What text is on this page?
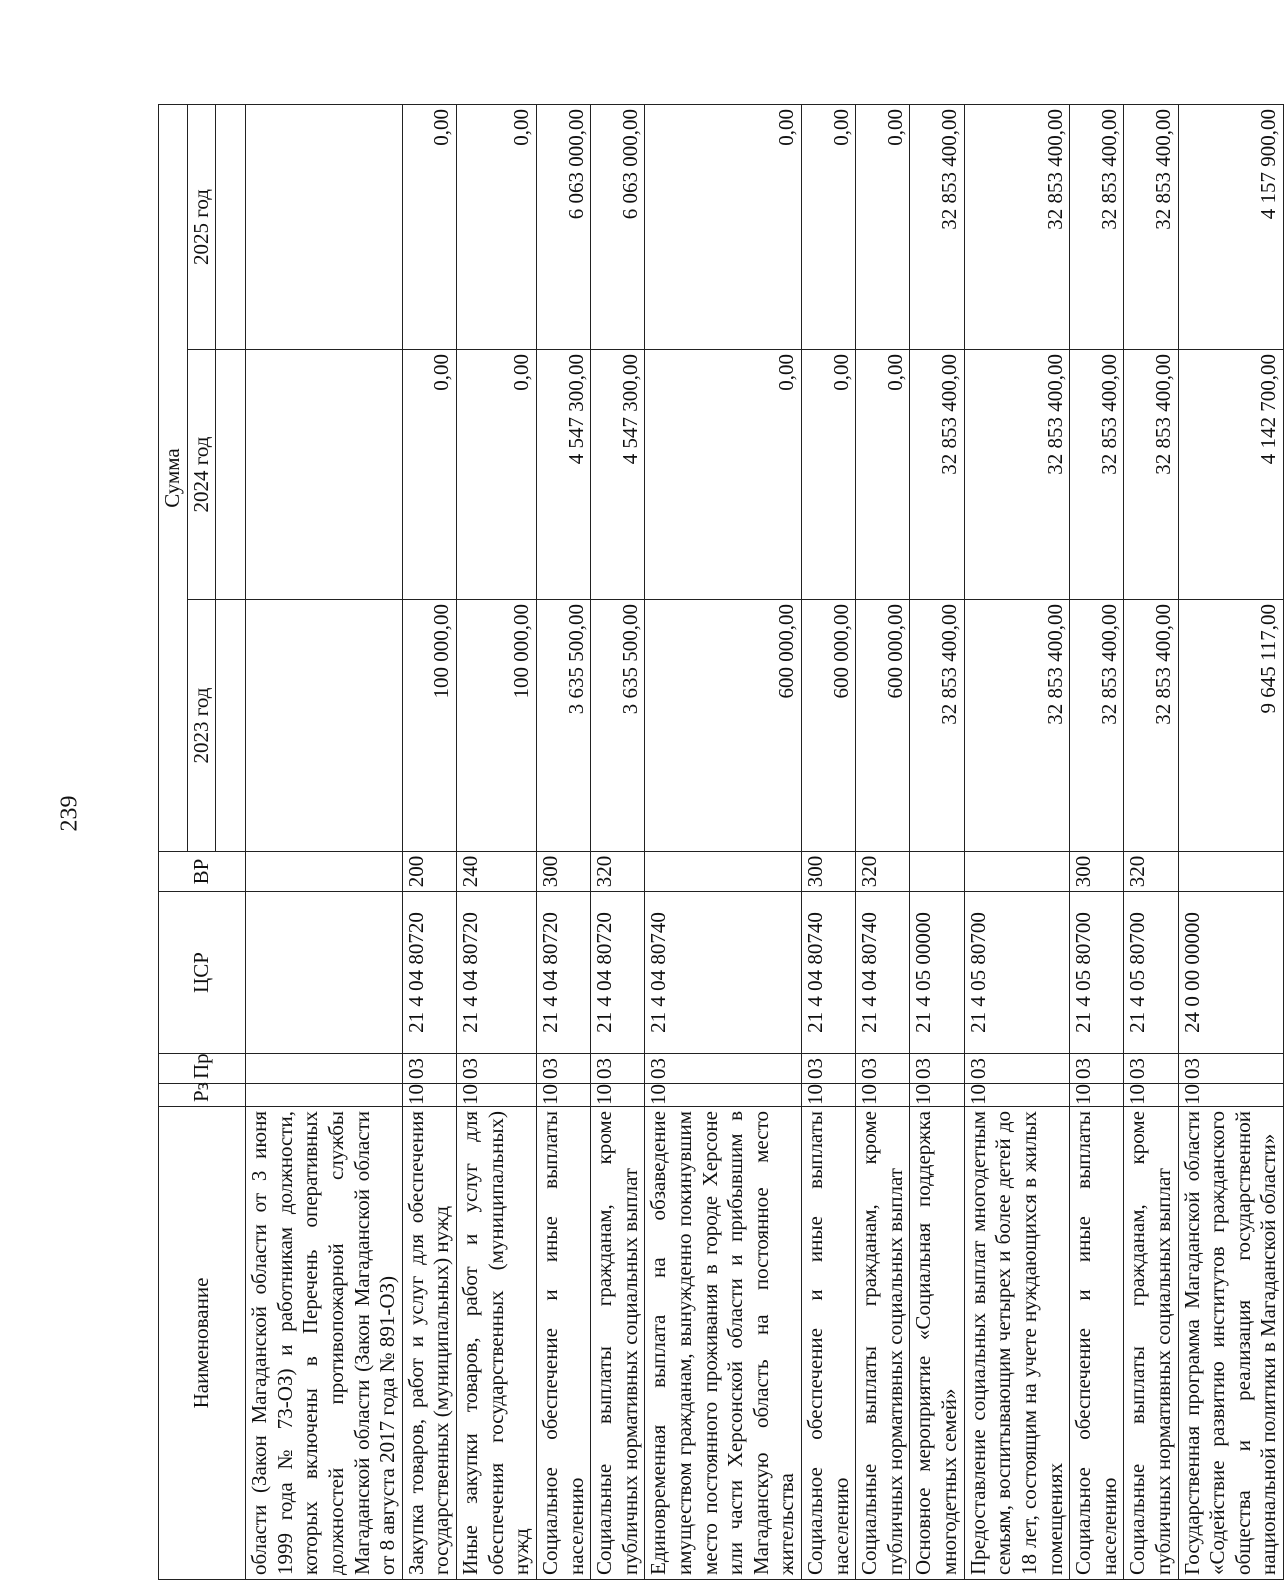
239
Наименование	Рз	Пр	ЦСР	ВР	Сумма		
					2023 год	2024 год	2025 год

области (Закон Магаданской области от 3 июня 1999 года № 73-ОЗ) и работникам должности, которых включены в Перечень оперативных должностей противопожарной службы Магаданской области (Закон Магаданской области от 8 августа 2017 года № 891-ОЗ)							
Закупка товаров, работ и услуг для обеспечения государственных (муниципальных) нужд	10	03	21 4 04 80720	200	100 000,00	0,00	0,00
Иные закупки товаров, работ и услуг для обеспечения государственных (муниципальных) нужд	10	03	21 4 04 80720	240	100 000,00	0,00	0,00
Социальное обеспечение и иные выплаты населению	10	03	21 4 04 80720	300	3 635 500,00	4 547 300,00	6 063 000,00
Социальные выплаты гражданам, кроме публичных нормативных социальных выплат	10	03	21 4 04 80720	320	3 635 500,00	4 547 300,00	6 063 000,00
Единовременная выплата на обзаведение имуществом гражданам, вынужденно покинувшим место постоянного проживания в городе Херсоне или части Херсонской области и прибывшим в Магаданскую область на постоянное место жительства	10	03	21 4 04 80740		600 000,00	0,00	0,00
Социальное обеспечение и иные выплаты населению	10	03	21 4 04 80740	300	600 000,00	0,00	0,00
Социальные выплаты гражданам, кроме публичных нормативных социальных выплат	10	03	21 4 04 80740	320	600 000,00	0,00	0,00
Основное мероприятие «Социальная поддержка многодетных семей»	10	03	21 4 05 00000		32 853 400,00	32 853 400,00	32 853 400,00
Предоставление социальных выплат многодетным семьям, воспитывающим четырех и более детей до 18 лет, состоящим на учете нуждающихся в жилых помещениях	10	03	21 4 05 80700		32 853 400,00	32 853 400,00	32 853 400,00
Социальное обеспечение и иные выплаты населению	10	03	21 4 05 80700	300	32 853 400,00	32 853 400,00	32 853 400,00
Социальные выплаты гражданам, кроме публичных нормативных социальных выплат	10	03	21 4 05 80700	320	32 853 400,00	32 853 400,00	32 853 400,00
Государственная программа Магаданской области «Содействие развитию институтов гражданского общества и реализация государственной национальной политики в Магаданской области»	10	03	24 0 00 00000		9 645 117,00	4 142 700,00	4 157 900,00
